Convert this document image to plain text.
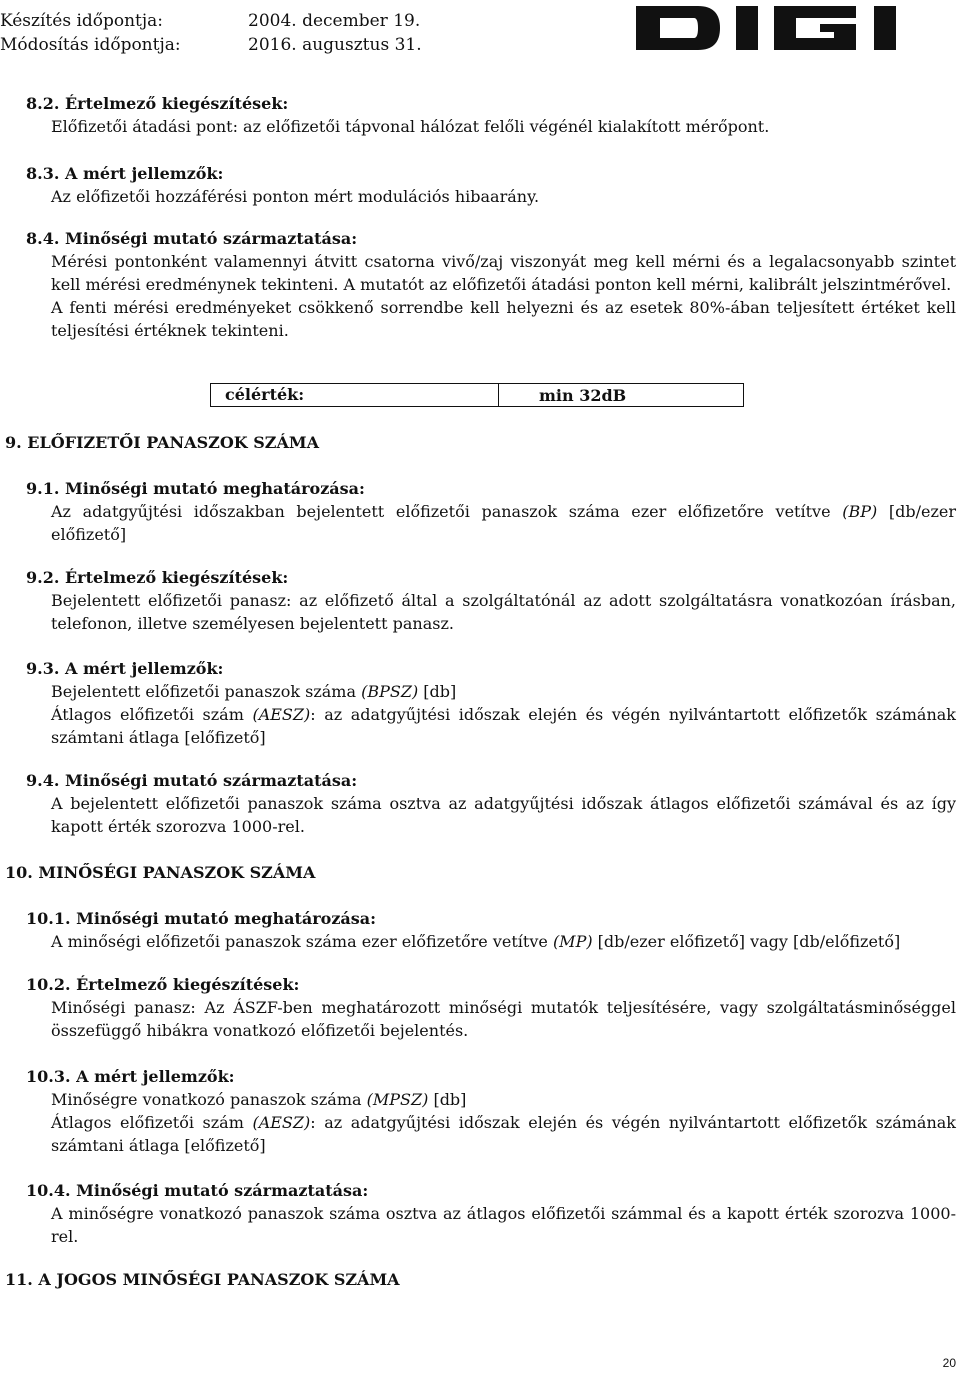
Készítés időpontja:	2004. december 19.
Módosítás időpontja:	2016. augusztus 31.

8.2. Értelmező kiegészítések:

Előfizetői átadási pont: az előfizetői tápvonal hálózat felőli végénél kialakított mérőpont.

8.3. A mért jellemzők:

Az előfizetői hozzáférési ponton mért modulációs hibaarány.

8.4. Minőségi mutató származtatása:

Mérési pontonként valamennyi átvitt csatorna vivő/zaj viszonyát meg kell mérni és a legalacsonyabb szintet kell mérési eredménynek tekinteni. A mutatót az előfizetői átadási ponton kell mérni, kalibrált jelszintmérővel.

A fenti mérési eredményeket csökkenő sorrendbe kell helyezni és az esetek 80%-ában teljesített értéket kell teljesítési értéknek tekinteni.

célérték:	min 32dB
9. ELŐFIZETŐI PANASZOK SZÁMA

9.1. Minőségi mutató meghatározása:

Az adatgyűjtési időszakban bejelentett előfizetői panaszok száma ezer előfizetőre vetítve (BP) [db/ezer előfizető]

9.2. Értelmező kiegészítések:

Bejelentett előfizetői panasz: az előfizető által a szolgáltatónál az adott szolgáltatásra vonatkozóan írásban, telefonon, illetve személyesen bejelentett panasz.

9.3. A mért jellemzők:

Bejelentett előfizetői panaszok száma (BPSZ) [db]

Átlagos előfizetői szám (AESZ): az adatgyűjtési időszak elején és végén nyilvántartott előfizetők számának számtani átlaga [előfizető]

9.4. Minőségi mutató származtatása:

A bejelentett előfizetői panaszok száma osztva az adatgyűjtési időszak átlagos előfizetői számával és az így kapott érték szorozva 1000-rel.

10. MINŐSÉGI PANASZOK SZÁMA

10.1. Minőségi mutató meghatározása:

A minőségi előfizetői panaszok száma ezer előfizetőre vetítve (MP) [db/ezer előfizető] vagy [db/előfizető]

10.2. Értelmező kiegészítések:

Minőségi panasz: Az ÁSZF-ben meghatározott minőségi mutatók teljesítésére, vagy szolgáltatásminőséggel összefüggő hibákra vonatkozó előfizetői bejelentés.

10.3. A mért jellemzők:

Minőségre vonatkozó panaszok száma (MPSZ) [db]

Átlagos előfizetői szám (AESZ): az adatgyűjtési időszak elején és végén nyilvántartott előfizetők számának számtani átlaga [előfizető]

10.4. Minőségi mutató származtatása:

A minőségre vonatkozó panaszok száma osztva az átlagos előfizetői számmal és a kapott érték szorozva 1000-rel.

11. A JOGOS MINŐSÉGI PANASZOK SZÁMA
20
